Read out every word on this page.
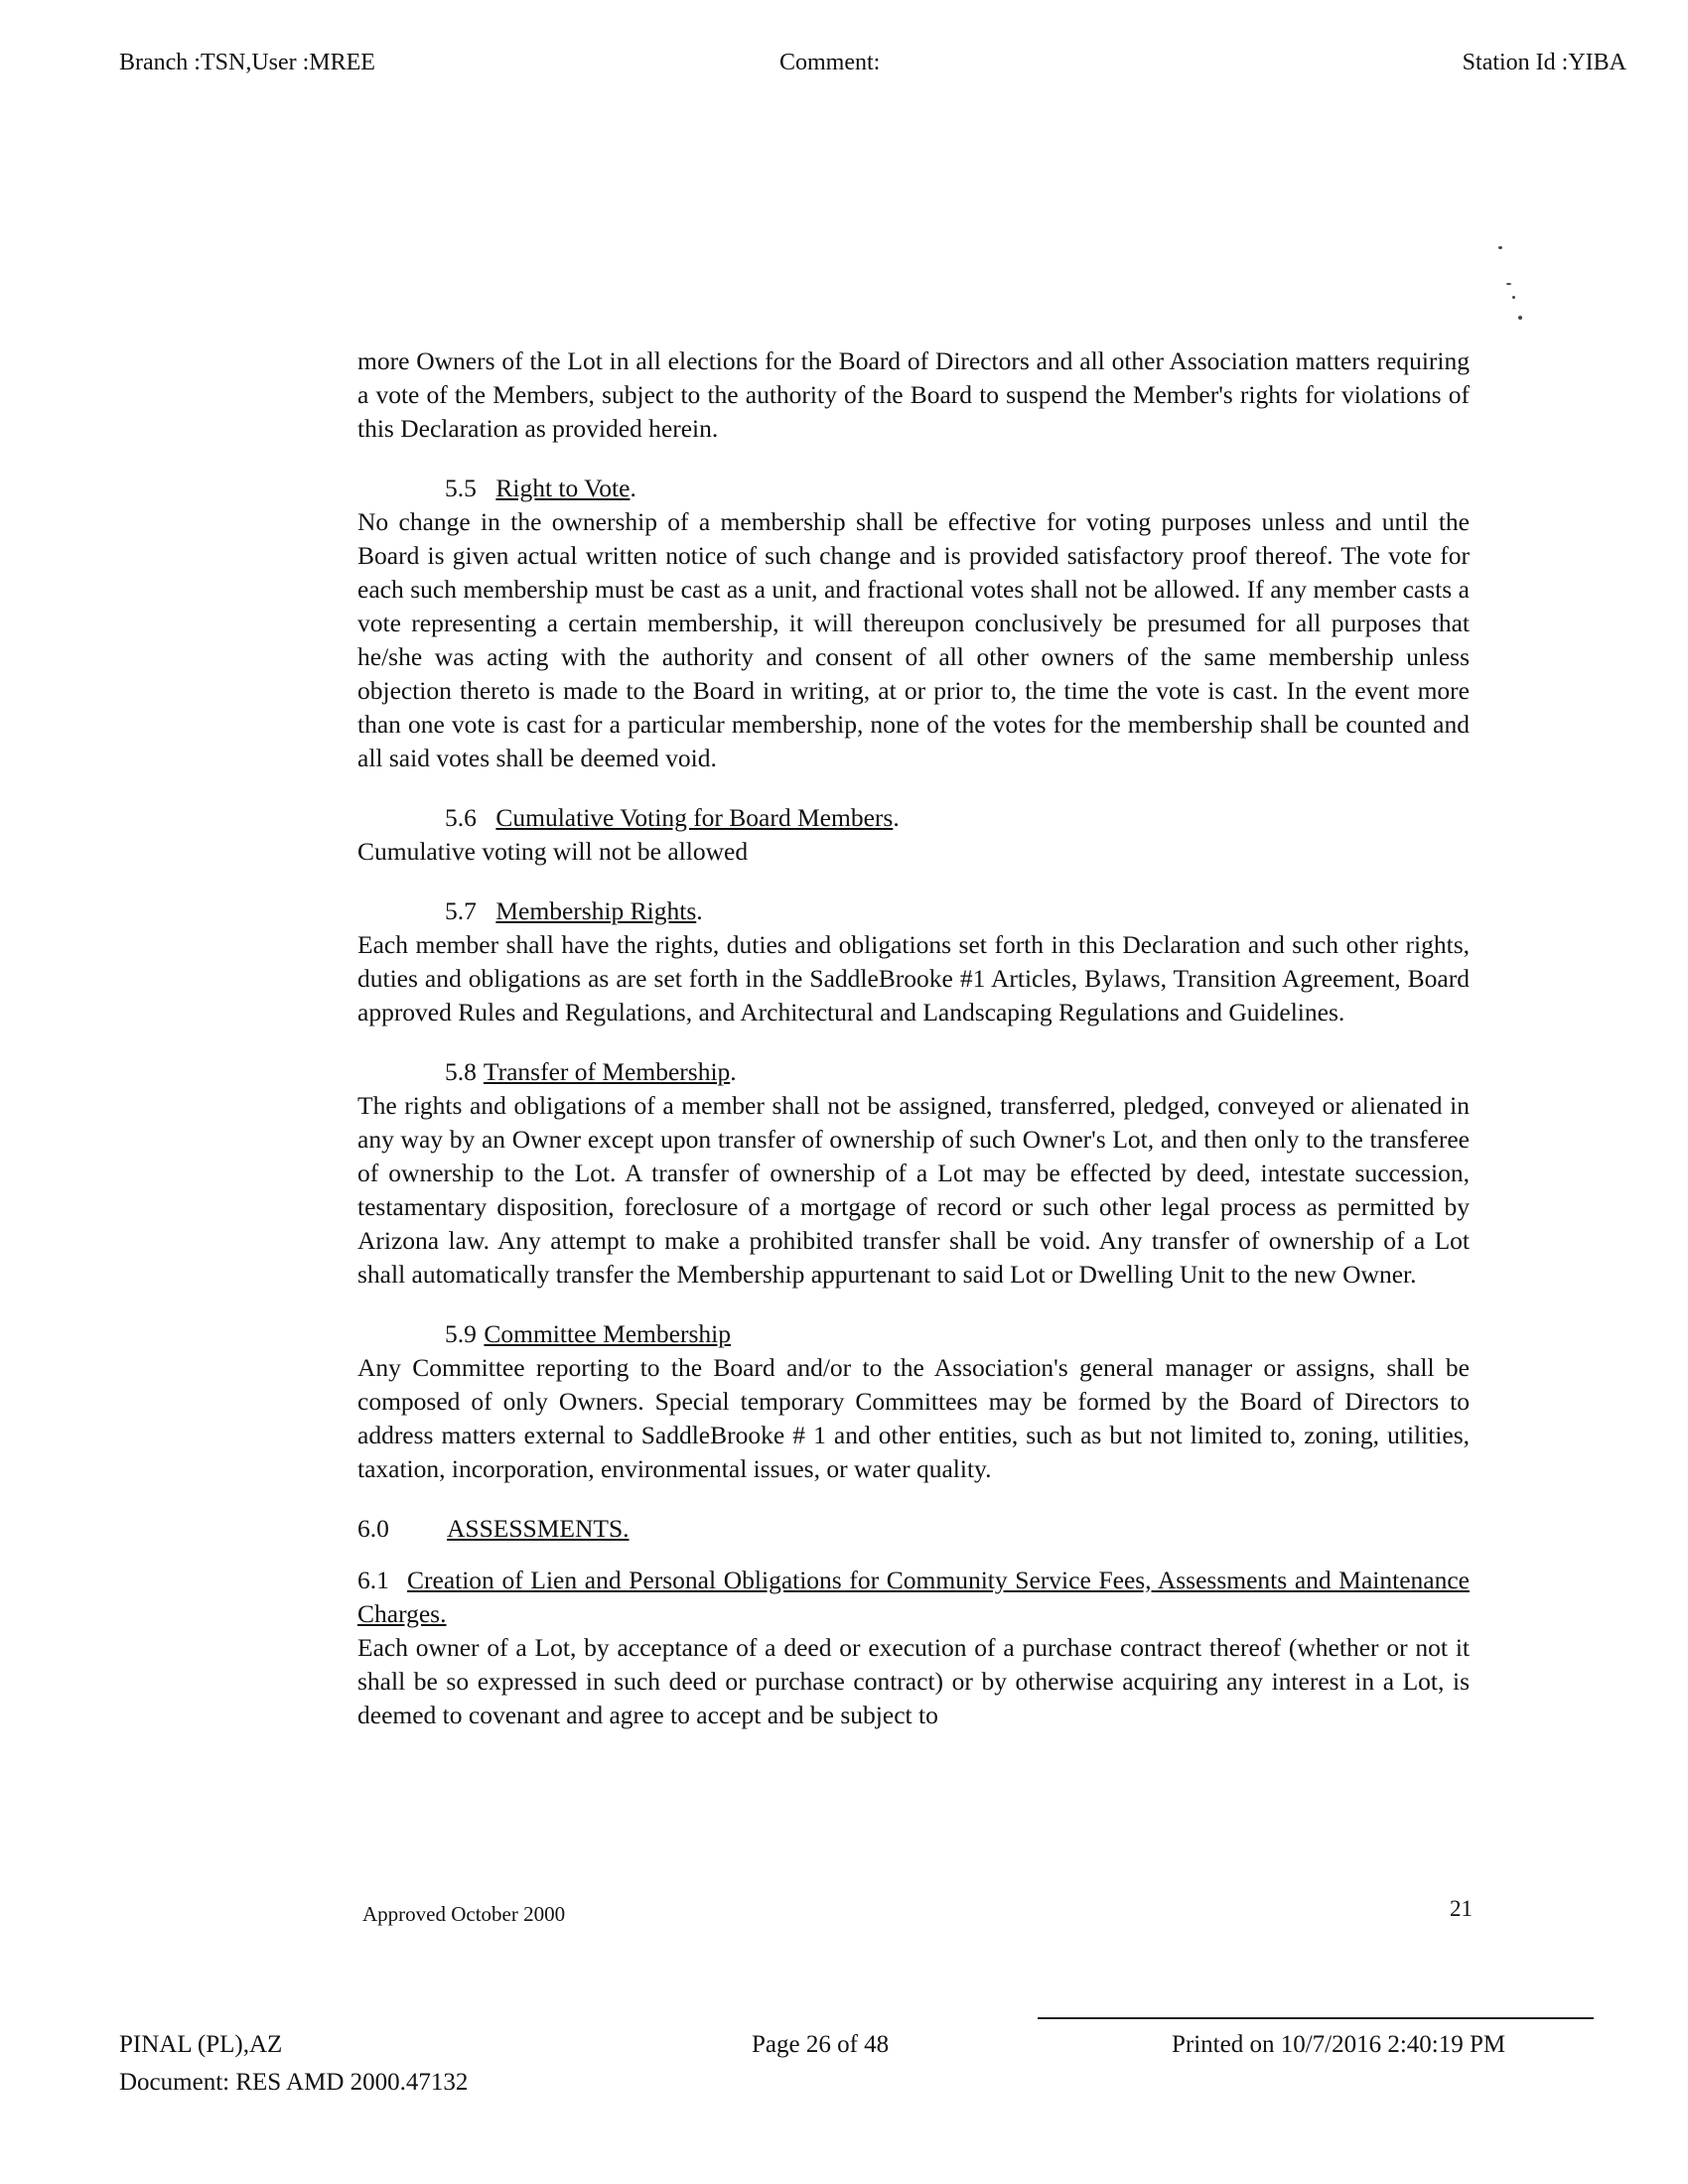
Branch :TSN,User :MREE	Comment:	Station Id :YIBA

more Owners of the Lot in all elections for the Board of Directors and all other Association matters requiring a vote of the Members, subject to the authority of the Board to suspend the Member's rights for violations of this Declaration as provided herein.

5.5 Right to Vote.

No change in the ownership of a membership shall be effective for voting purposes unless and until the Board is given actual written notice of such change and is provided satisfactory proof thereof. The vote for each such membership must be cast as a unit, and fractional votes shall not be allowed. If any member casts a vote representing a certain membership, it will thereupon conclusively be presumed for all purposes that he/she was acting with the authority and consent of all other owners of the same membership unless objection thereto is made to the Board in writing, at or prior to, the time the vote is cast. In the event more than one vote is cast for a particular membership, none of the votes for the membership shall be counted and all said votes shall be deemed void.

5.6 Cumulative Voting for Board Members.

Cumulative voting will not be allowed

5.7 Membership Rights.

Each member shall have the rights, duties and obligations set forth in this Declaration and such other rights, duties and obligations as are set forth in the SaddleBrooke #1 Articles, Bylaws, Transition Agreement, Board approved Rules and Regulations, and Architectural and Landscaping Regulations and Guidelines.

5.8 Transfer of Membership.

The rights and obligations of a member shall not be assigned, transferred, pledged, conveyed or alienated in any way by an Owner except upon transfer of ownership of such Owner's Lot, and then only to the transferee of ownership to the Lot. A transfer of ownership of a Lot may be effected by deed, intestate succession, testamentary disposition, foreclosure of a mortgage of record or such other legal process as permitted by Arizona law. Any attempt to make a prohibited transfer shall be void. Any transfer of ownership of a Lot shall automatically transfer the Membership appurtenant to said Lot or Dwelling Unit to the new Owner.

5.9 Committee Membership

Any Committee reporting to the Board and/or to the Association's general manager or assigns, shall be composed of only Owners. Special temporary Committees may be formed by the Board of Directors to address matters external to SaddleBrooke # 1 and other entities, such as but not limited to, zoning, utilities, taxation, incorporation, environmental issues, or water quality.

6.0 ASSESSMENTS.

6.1 Creation of Lien and Personal Obligations for Community Service Fees, Assessments and Maintenance Charges.

Each owner of a Lot, by acceptance of a deed or execution of a purchase contract thereof (whether or not it shall be so expressed in such deed or purchase contract) or by otherwise acquiring any interest in a Lot, is deemed to covenant and agree to accept and be subject to

Approved October 2000	21
PINAL (PL),AZ
Document: RES AMD 2000.47132
Page 26 of 48	Printed on 10/7/2016 2:40:19 PM
